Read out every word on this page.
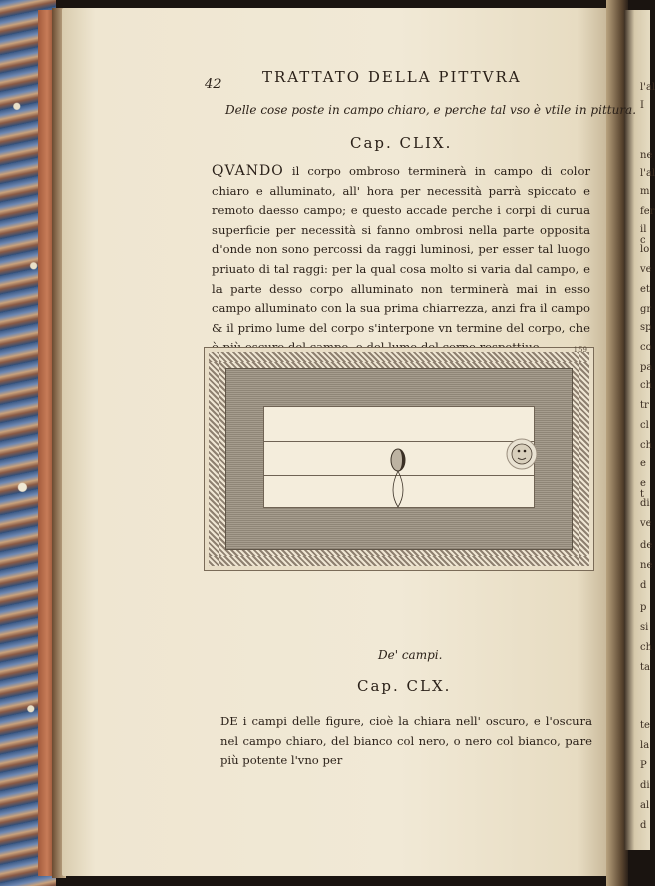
l'al
I
ne
l'al
m
fer
il c
lo
ve
et
gr
sp
co
pa
ch
tr
cl
ch
e
e t
di
ve
de
ne
d
p
si
ch
ta
te
la
P
di
al
d
42	TRATTATO DELLA PITTVRA
Delle cose poste in campo chiaro, e perche tal vso è vtile in pittura.
Cap. CLIX.
QVANDO il corpo ombroso terminerà in campo di color chiaro e alluminato, all' hora per necessità parrà spiccato e remoto daesso campo; e questo accade perche i corpi di curua superficie per necessità si fanno ombrosi nella parte opposita d'onde non sono percossi da raggi luminosi, per esser tal luogo priuato di tal raggi: per la qual cosa molto si varia dal campo, e la parte desso corpo alluminato non terminerà mai in esso campo alluminato con la sua prima chiarrezza, anzi fra il campo & il primo lume del corpo s'interpone vn termine del corpo, che
159
De' campi.
Cap. CLX.
DE i campi delle figure, cioè la chiara nell' oscuro, e l'oscura nel campo chiaro, del bianco col nero, o nero col bianco, pare più potente l'vno per
